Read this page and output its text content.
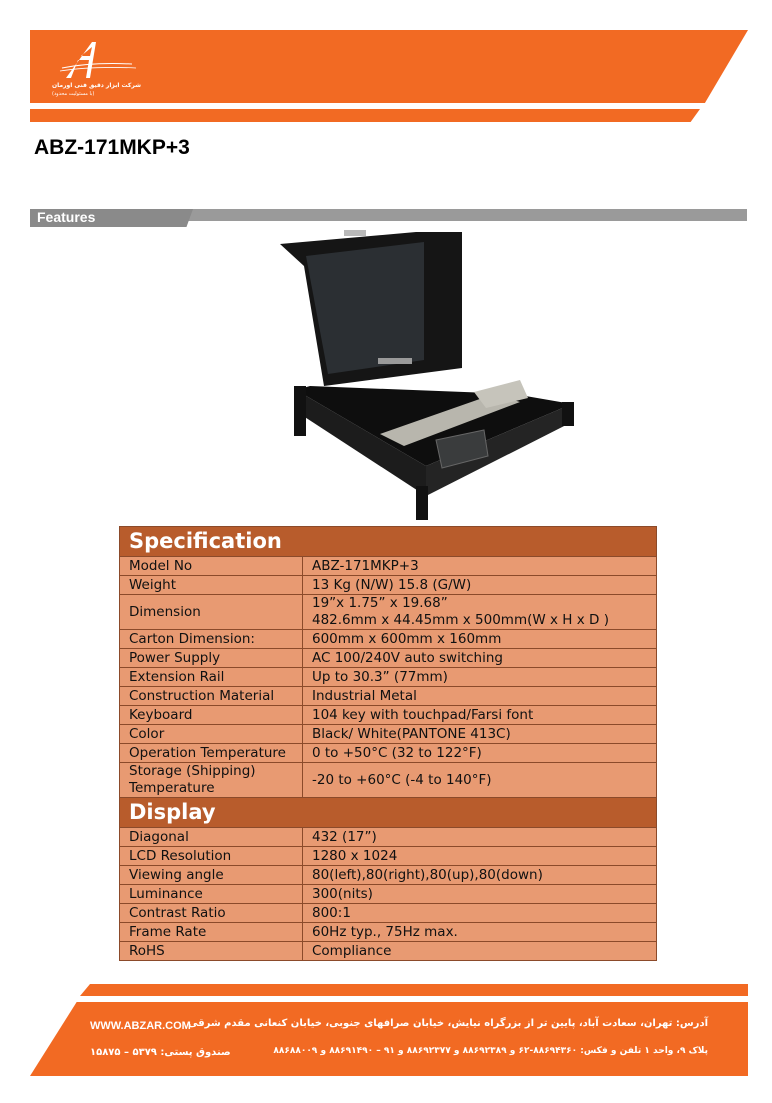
شرکت ابزار دقیق فنی اورمان
(با مسئولیت محدود)
ABZ-171MKP+3
Features
Specification	
Model No	ABZ-171MKP+3
Weight	13 Kg (N/W) 15.8 (G/W)
Dimension	19”x 1.75” x 19.68”
482.6mm x 44.45mm x 500mm(W x H x D )

Carton Dimension:	600mm x 600mm x 160mm
Power Supply	AC 100/240V auto switching
Extension Rail	Up to 30.3” (77mm)
Construction Material	Industrial Metal
Keyboard	104 key with touchpad/Farsi font
Color	Black/ White(PANTONE 413C)
Operation Temperature	0 to +50°C (32 to 122°F)

Storage (Shipping)
Temperature	-20 to +60°C (-4 to 140°F)
Display	
Diagonal	432 (17”)
LCD Resolution	1280 x 1024
Viewing angle	80(left),80(right),80(up),80(down)
Luminance	300(nits)
Contrast Ratio	800:1
Frame Rate	60Hz typ., 75Hz max.
RoHS	Compliance
WWW.ABZAR.COM
صندوق پستی: ۵۳۷۹ – ۱۵۸۷۵
آدرس: تهران، سعادت آباد، پایین تر از بزرگراه نیایش، خیابان صرافهای جنوبی، خیابان کنعانی مقدم شرقی
پلاک ۹، واحد ۱ تلفن و فکس: ۸۸۶۹۴۳۶۰-۶۲ و ۸۸۶۹۲۳۸۹ و ۸۸۶۹۲۳۷۷ و ۹۱ – ۸۸۶۹۱۴۹۰ و ۸۸۶۸۸۰۰۹
